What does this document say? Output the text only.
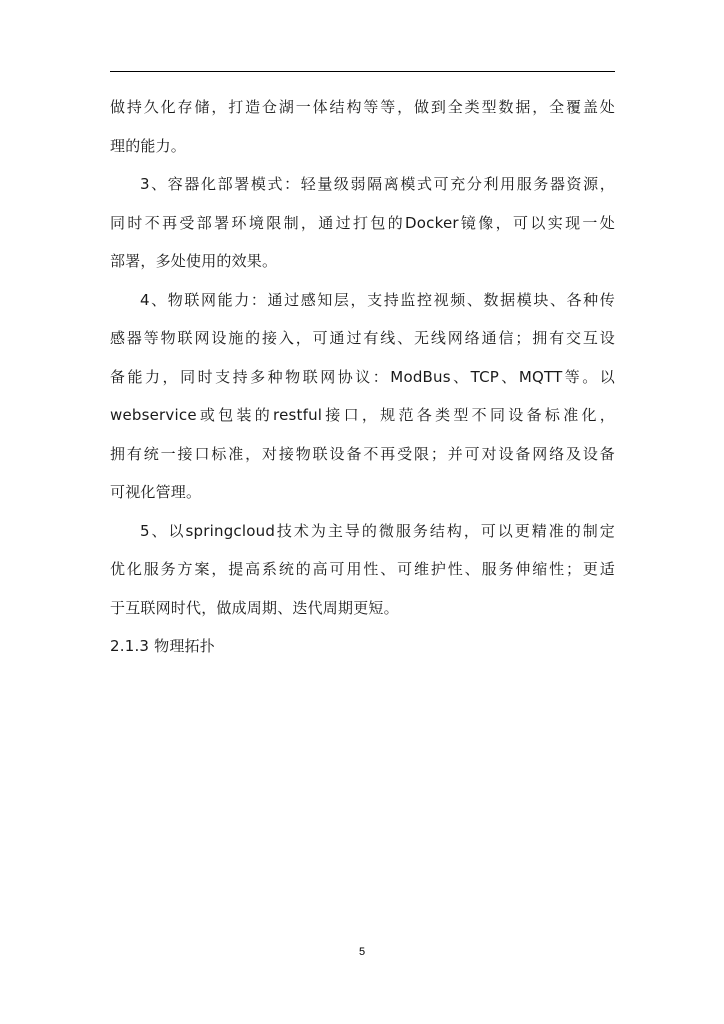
做持久化存储，打造仓湖一体结构等等，做到全类型数据，全覆盖处
理的能力。
3、容器化部署模式：轻量级弱隔离模式可充分利用服务器资源，
同时不再受部署环境限制，通过打包的Docker镜像，可以实现一处
部署，多处使用的效果。
4、物联网能力：通过感知层，支持监控视频、数据模块、各种传
感器等物联网设施的接入，可通过有线、无线网络通信；拥有交互设
备能力，同时支持多种物联网协议：ModBus、TCP、MQTT等。以
webservice或包装的restful接口，规范各类型不同设备标准化，
拥有统一接口标准，对接物联设备不再受限；并可对设备网络及设备
可视化管理。
5、以springcloud技术为主导的微服务结构，可以更精准的制定
优化服务方案，提高系统的高可用性、可维护性、服务伸缩性；更适
于互联网时代，做成周期、迭代周期更短。
2.1.3 物理拓扑
5
